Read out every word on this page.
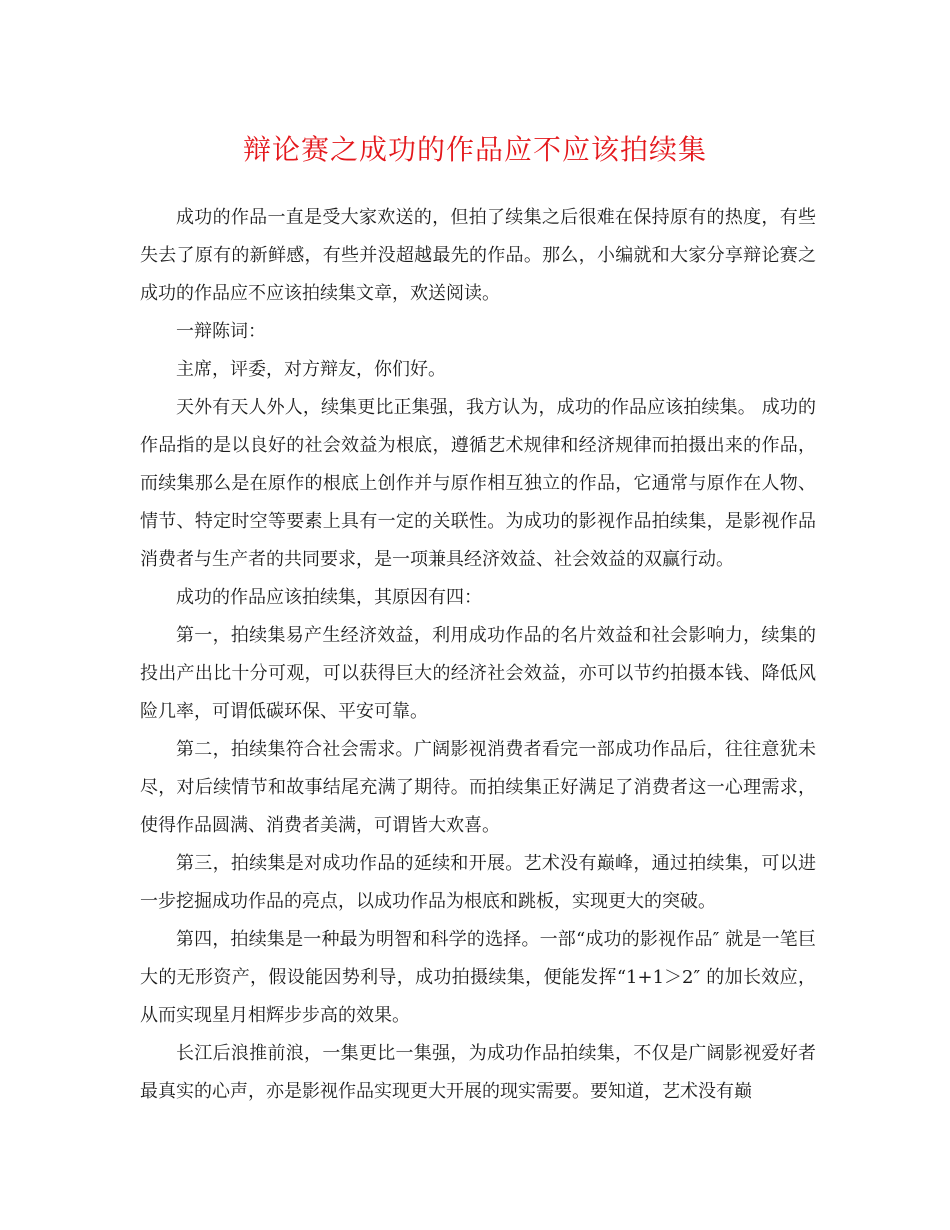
辩论赛之成功的作品应不应该拍续集

成功的作品一直是受大家欢送的，但拍了续集之后很难在保持原有的热度，有些失去了原有的新鲜感，有些并没超越最先的作品。那么，小编就和大家分享辩论赛之成功的作品应不应该拍续集文章，欢送阅读。

一辩陈词：

主席，评委，对方辩友，你们好。

天外有天人外人，续集更比正集强，我方认为，成功的作品应该拍续集。 成功的作品指的是以良好的社会效益为根底，遵循艺术规律和经济规律而拍摄出来的作品，而续集那么是在原作的根底上创作并与原作相互独立的作品，它通常与原作在人物、情节、特定时空等要素上具有一定的关联性。为成功的影视作品拍续集，是影视作品消费者与生产者的共同要求，是一项兼具经济效益、社会效益的双赢行动。

成功的作品应该拍续集，其原因有四：

第一，拍续集易产生经济效益，利用成功作品的名片效益和社会影响力，续集的投出产出比十分可观，可以获得巨大的经济社会效益，亦可以节约拍摄本钱、降低风险几率，可谓低碳环保、平安可靠。

第二，拍续集符合社会需求。广阔影视消费者看完一部成功作品后，往往意犹未尽，对后续情节和故事结尾充满了期待。而拍续集正好满足了消费者这一心理需求，使得作品圆满、消费者美满，可谓皆大欢喜。

第三，拍续集是对成功作品的延续和开展。艺术没有巅峰，通过拍续集，可以进一步挖掘成功作品的亮点，以成功作品为根底和跳板，实现更大的突破。

第四，拍续集是一种最为明智和科学的选择。一部“成功的影视作品″ 就是一笔巨大的无形资产，假设能因势利导，成功拍摄续集，便能发挥“1+1＞2″ 的加长效应，从而实现星月相辉步步高的效果。

长江后浪推前浪，一集更比一集强，为成功作品拍续集，不仅是广阔影视爱好者最真实的心声，亦是影视作品实现更大开展的现实需要。要知道，艺术没有巅
